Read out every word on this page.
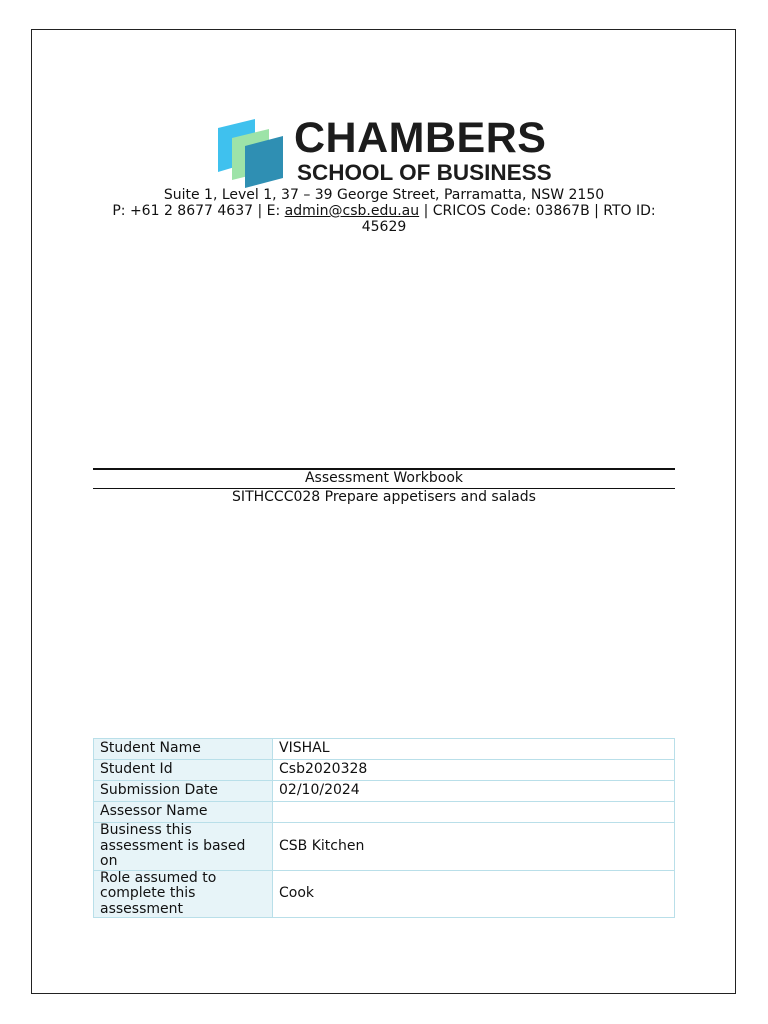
CHAMBERS
SCHOOL OF BUSINESS
Suite 1, Level 1, 37 – 39 George Street, Parramatta, NSW 2150
P: +61 2 8677 4637 | E: admin@csb.edu.au | CRICOS Code: 03867B | RTO ID: 45629
Assessment Workbook
SITHCCC028 Prepare appetisers and salads
Student Name	VISHAL
Student Id	Csb2020328
Submission Date	02/10/2024
Assessor Name	
Business this assessment is based on	CSB Kitchen
Role assumed to complete this assessment	Cook
